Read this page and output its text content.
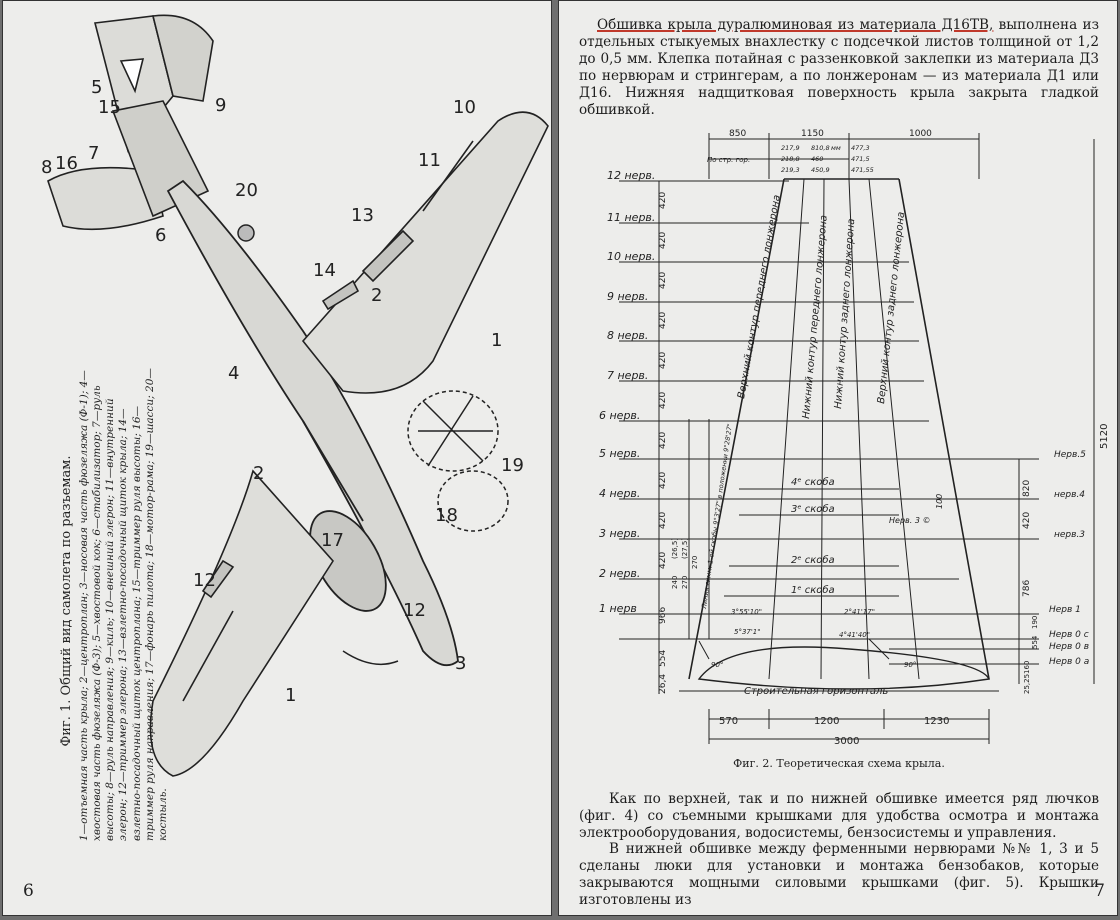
1
1
2
2
3
4
5
6
7
8
9	10
11
12
12
13
14
15
16
17
18
19
20
Фиг. 1. Общий вид самолета по разъемам. 1—отъемная часть крыла; 2—центроплан; 3—носовая часть фюзеляжа (Ф-1); 4—хвостовая часть фюзеляжа (Ф-3); 5—хвостовой кок; 6—стабилизатор; 7—руль высоты; 8—руль направления; 9—киль; 10—внешний элерон; 11—внутренний элерон; 12—триммер элерона; 13—взлетно-посадочный щиток крыла; 14—взлетно-посадочный щиток центроплана; 15—триммер руля высоты; 16—триммер руля направления; 17—фонарь пилота; 18—мотор-рама; 19—шасси; 20—костыль.
6
Обшивка крыла дуралюминовая из материала Д16ТВ, выполнена из отдельных стыкуемых внахлестку с подсечкой листов толщиной от 1,2 до 0,5 мм. Клепка потайная с раззенковкой заклепки из материала Д3 по нервюрам и стрингерам, а по лонжеронам — из материала Д1 или Д16. Нижняя надщитковая поверхность крыла закрыта гладкой обшивкой.
850	1150	1000
По стр. гор.
217,9 810,8	477,3
218,8 460	471,5
219,3 450,9	471,55
мм
12 нерв.
11 нерв.
10 нерв.
9 нерв.
8 нерв.
7 нерв.
6 нерв.
5 нерв.
4 нерв.
3 нерв.
2 нерв.
1 нерв
420
420
420
420
420
420
420
420
420
420
966
554
26,4
240
(26,5)
270
(27,5)
270 Линия симм. 1-ой скобы 9°3'27" в положении 9°28'27"
Верхний контур переднего лонжерона Нижний контур переднего лонжерона Нижний контур заднего лонжерона Верхний контур заднего лонжерона
4ᵉ скоба
3ᵉ скоба
2ᵉ скоба
1ᵉ скоба
Нерв. 3 ©
100
3°55'10"	2°41'17"
5°37'1"	4°41'40"
90°	90°
Нерв.5
нерв.4
нерв.3
Нерв 1
Нерв 0 с
Нерв 0 в
Нерв 0 а
820
420
786
160
554
190
25,25
5120
Строительная горизонталь
570	1200	1230
3000
Фиг. 2. Теоретическая схема крыла.
Как по верхней, так и по нижней обшивке имеется ряд лючков (фиг. 4) со съемными крышками для удобства осмотра и монтажа электрооборудования, водосистемы, бензосистемы и управления.
В нижней обшивке между ферменными нервюрами №№ 1, 3 и 5 сделаны люки для установки и монтажа бензобаков, которые закрываются мощными силовыми крышками (фиг. 5). Крышки изготовлены из	7
